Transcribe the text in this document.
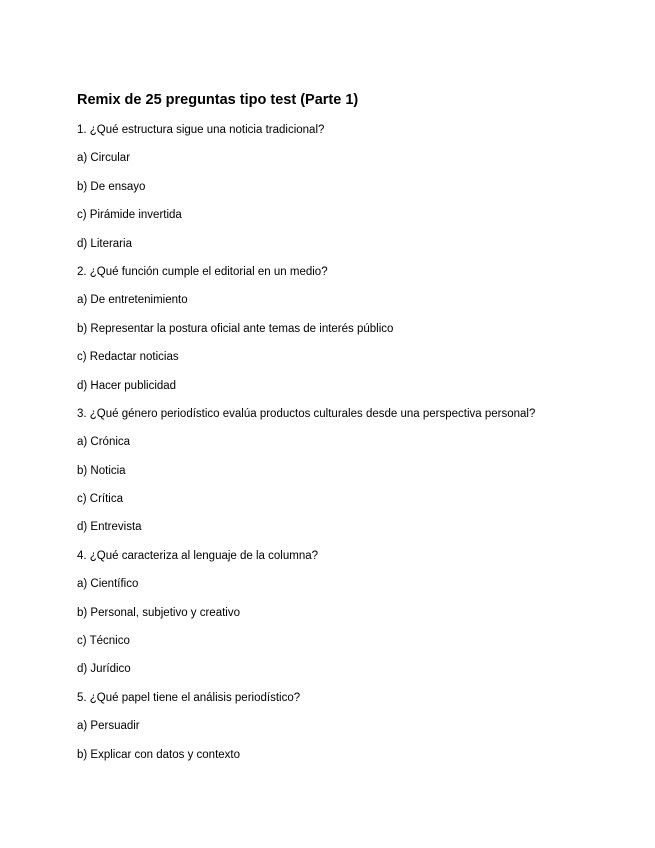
Remix de 25 preguntas tipo test (Parte 1)

1. ¿Qué estructura sigue una noticia tradicional?

a) Circular

b) De ensayo

c) Pirámide invertida

d) Literaria

2. ¿Qué función cumple el editorial en un medio?

a) De entretenimiento

b) Representar la postura oficial ante temas de interés público

c) Redactar noticias

d) Hacer publicidad

3. ¿Qué género periodístico evalúa productos culturales desde una perspectiva personal?

a) Crónica

b) Noticia

c) Crítica

d) Entrevista

4. ¿Qué caracteriza al lenguaje de la columna?

a) Científico

b) Personal, subjetivo y creativo

c) Técnico

d) Jurídico

5. ¿Qué papel tiene el análisis periodístico?

a) Persuadir

b) Explicar con datos y contexto
